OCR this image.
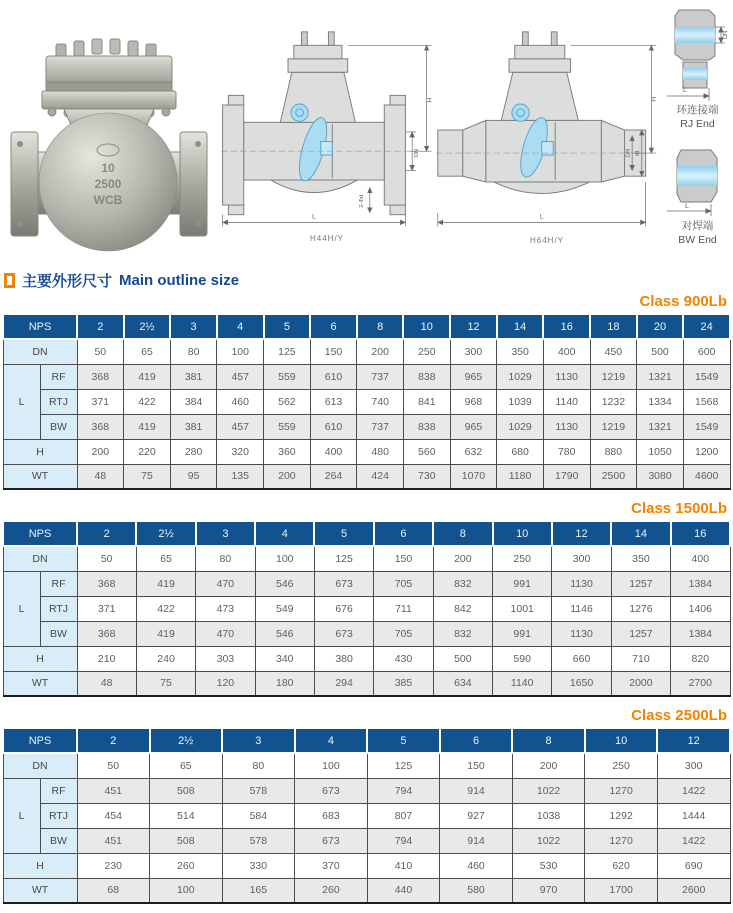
10
2500
WCB
H
DN
L
2-Φd
H44H/Y
H
DN d1
L
H64H/Y
DN
L
环连接端
RJ End
L
对焊端
BW End
主要外形尺寸 Main outline size
Class 900Lb
NPS		2	2½	3	4	5	6	8	10	12	14	16	18	20	24
DN		50	65	80	100	125	150	200	250	300	350	400	450	500	600
L	RF	368	419	381	457	559	610	737	838	965	1029	1130	1219	1321	1549
	RTJ	371	422	384	460	562	613	740	841	968	1039	1140	1232	1334	1568
	BW	368	419	381	457	559	610	737	838	965	1029	1130	1219	1321	1549
H		200	220	280	320	360	400	480	560	632	680	780	880	1050	1200
WT		48	75	95	135	200	264	424	730	1070	1180	1790	2500	3080	4600
Class 1500Lb
NPS		2	2½	3	4	5	6	8	10	12	14	16
DN		50	65	80	100	125	150	200	250	300	350	400
L	RF	368	419	470	546	673	705	832	991	1130	1257	1384
	RTJ	371	422	473	549	676	711	842	1001	1146	1276	1406
	BW	368	419	470	546	673	705	832	991	1130	1257	1384
H		210	240	303	340	380	430	500	590	660	710	820
WT		48	75	120	180	294	385	634	1140	1650	2000	2700
Class 2500Lb
NPS		2	2½	3	4	5	6	8	10	12
DN		50	65	80	100	125	150	200	250	300
L	RF	451	508	578	673	794	914	1022	1270	1422
	RTJ	454	514	584	683	807	927	1038	1292	1444
	BW	451	508	578	673	794	914	1022	1270	1422
H		230	260	330	370	410	460	530	620	690
WT		68	100	165	260	440	580	970	1700	2600
